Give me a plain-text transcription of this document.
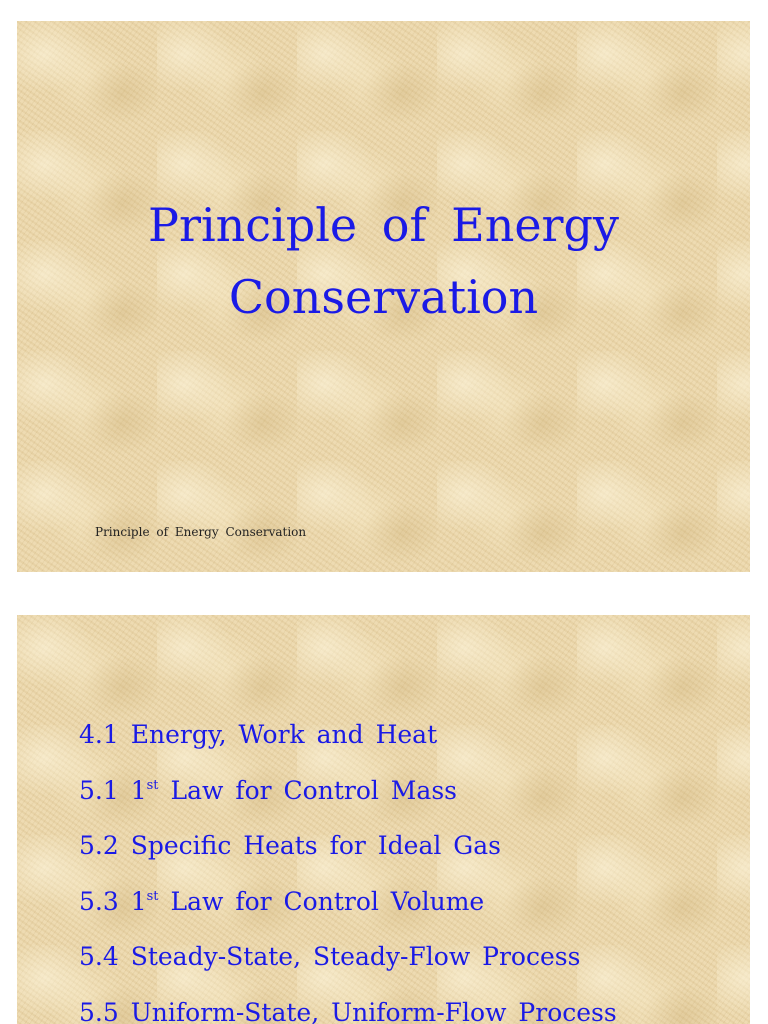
Principle of Energy
Conservation
Principle of Energy Conservation
4.1 Energy, Work and Heat
5.1 1st Law for Control Mass
5.2 Specific Heats for Ideal Gas
5.3 1st Law for Control Volume
5.4 Steady-State, Steady-Flow Process
5.5 Uniform-State, Uniform-Flow Process
